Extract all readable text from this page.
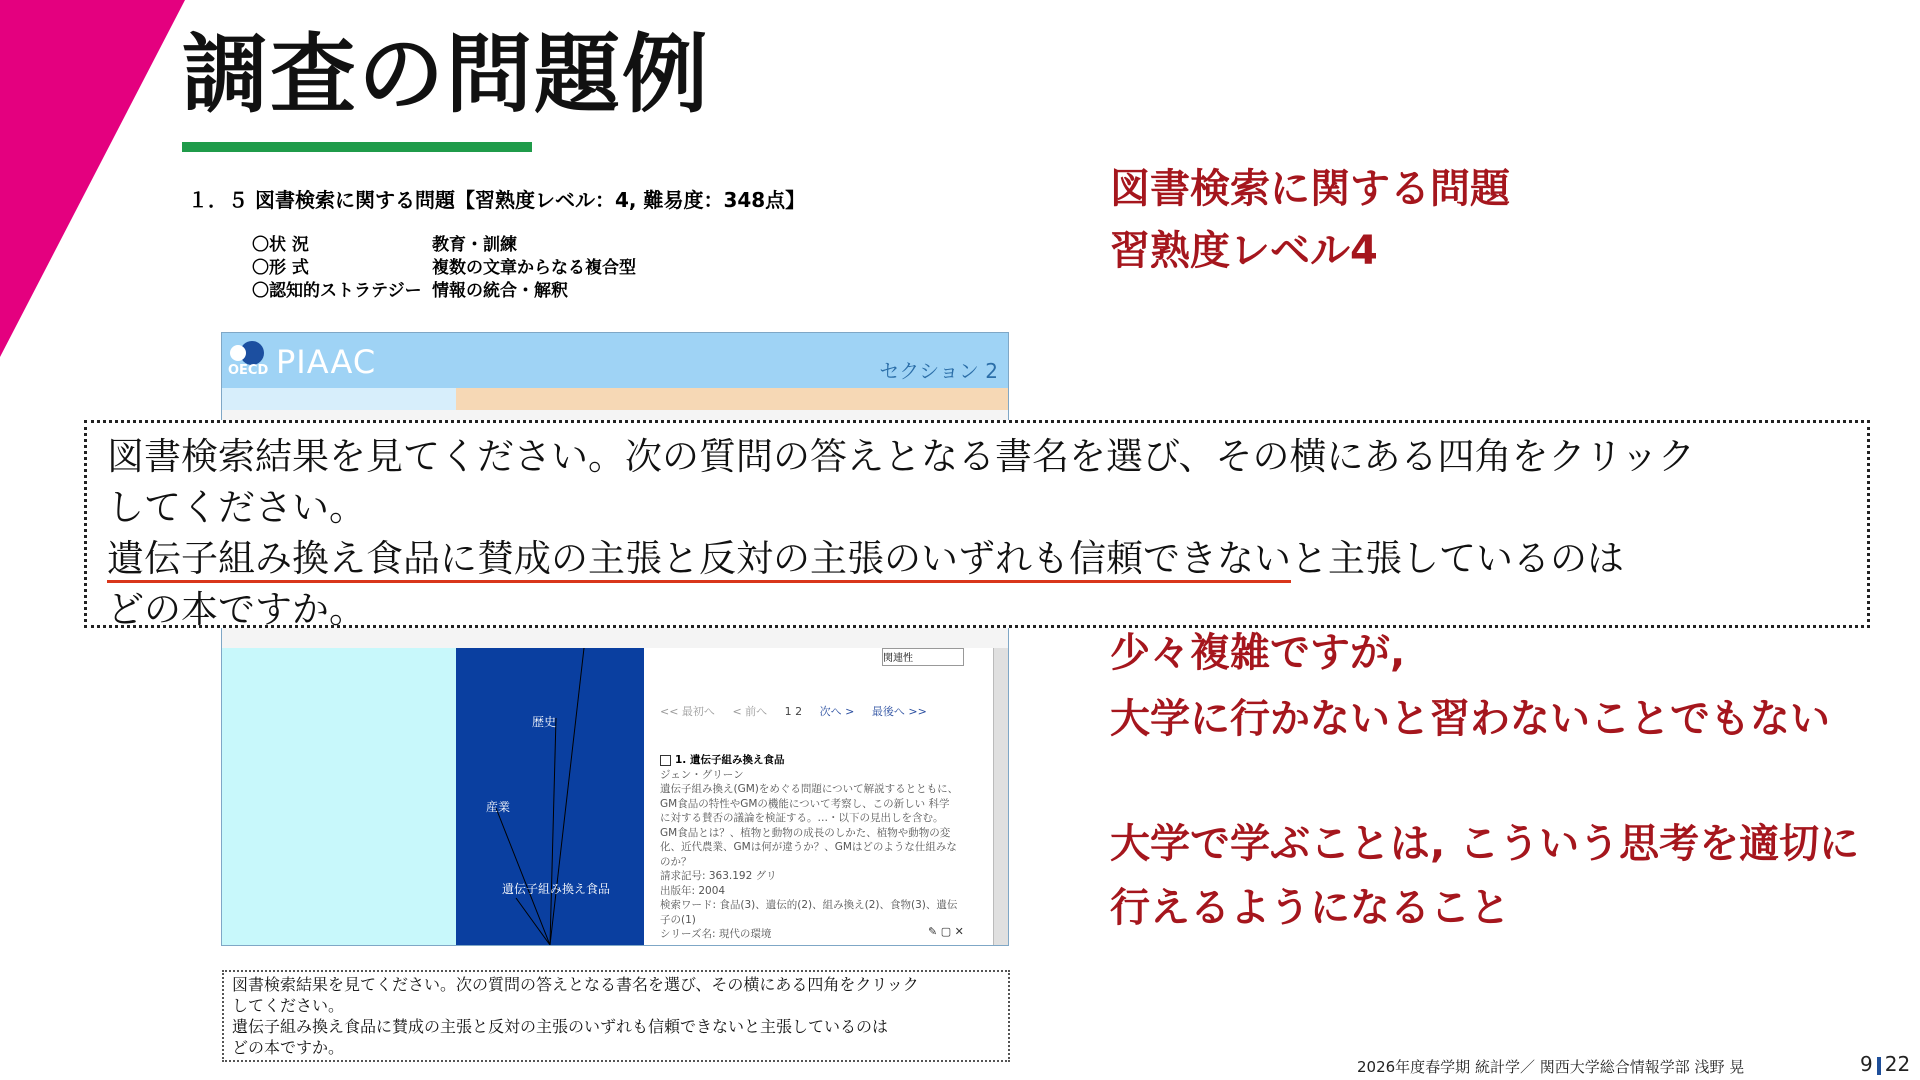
調査の問題例
１．５ 図書検索に関する問題【習熟度レベル：4, 難易度：348点】
〇状 況	教育・訓練
〇形 式	複数の文章からなる複合型
〇認知的ストラテジー 情報の統合・解釈
OECD PIAAC	セクション 2
歴史
産業
遺伝子組み換え食品
関連性
<< 最初へ < 前へ 1 2 次へ > 最後へ >>
1. 遺伝子組み換え食品
ジェン・グリーン
遺伝子組み換え(GM)をめぐる問題について解説するとともに、GM食品の特性やGMの機能について考察し、この新しい 科学に対する賛否の議論を検証する。…・以下の見出しを含む。GM食品とは？、植物と動物の成長のしかた、植物や動物の変化、近代農業、GMは何が違うか？、GMはどのような仕組みなのか？
請求記号: 363.192 グリ
出版年: 2004
検索ワード: 食品(3)、遺伝的(2)、組み換え(2)、食物(3)、遺伝子の(1)
シリーズ名: 現代の環境	✎ ▢ ✕

図書検索結果を見てください。次の質問の答えとなる書名を選び、その横にある四角をクリック

してください。

遺伝子組み換え食品に賛成の主張と反対の主張のいずれも信頼できないと主張しているのは

どの本ですか。

図書検索結果を見てください。次の質問の答えとなる書名を選び、その横にある四角をクリック

してください。

遺伝子組み換え食品に賛成の主張と反対の主張のいずれも信頼できないと主張しているのは

どの本ですか。

図書検索に関する問題
習熟度レベル4
少々複雑ですが,
大学に行かないと習わないことでもない
大学で学ぶことは, こういう思考を適切に
行えるようになること
2026年度春学期 統計学／ 関西大学総合情報学部 浅野 晃	9 22
